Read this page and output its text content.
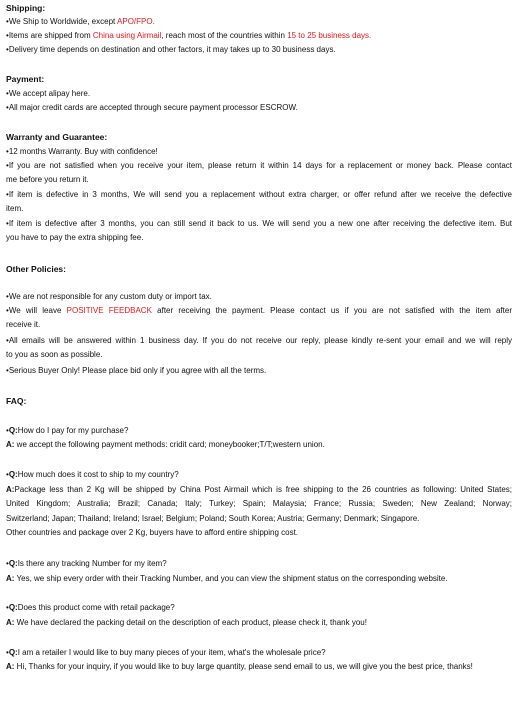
Shipping:
•We Ship to Worldwide, except APO/FPO.
•Items are shipped from China using Airmail, reach most of the countries within 15 to 25 business days.
•Delivery time depends on destination and other factors, it may takes up to 30 business days.
Payment:
•We accept alipay here.
•All major credit cards are accepted through secure payment processor ESCROW.
Warranty and Guarantee:
•12 months Warranty. Buy with confidence!
•If you are not satisfied when you receive your item, please return it within 14 days for a replacement or money back. Please contact
me before you return it.
•If item is defective in 3 months, We will send you a replacement without extra charger, or offer refund after we receive the defective
item.
•If item is defective after 3 months, you can still send it back to us. We will send you a new one after receiving the defective item. But
you have to pay the extra shipping fee.
Other Policies:
•We are not responsible for any custom duty or import tax.
•We will leave POSITIVE FEEDBACK after receiving the payment. Please contact us if you are not satisfied with the item after
receive it.
•All emails will be answered within 1 business day. If you do not receive our reply, please kindly re-sent your email and we will reply
to you as soon as possible.
•Serious Buyer Only! Please place bid only if you agree with all the terms.
FAQ:
•Q:How do I pay for my purchase?
A: we accept the following payment methods: cridit card; moneybooker;T/T;western union.
•Q:How much does it cost to ship to my country?
A:Package less than 2 Kg will be shipped by China Post Airmail which is free shipping to the 26 countries as following: United States;
United Kingdom; Australia; Brazil; Canada; Italy; Turkey; Spain; Malaysia; France; Russia; Sweden; New Zealand; Norway;
Switzerland; Japan; Thailand; Ireland; Israel; Belgium; Poland; South Korea; Austria; Germany; Denmark; Singapore.
Other countries and package over 2 Kg, buyers have to afford entire shipping cost.
•Q:Is there any tracking Number for my item?
A: Yes, we ship every order with their Tracking Number, and you can view the shipment status on the corresponding website.
•Q:Does this product come with retail package?
A: We have declared the packing detail on the description of each product, please check it, thank you!
•Q:I am a retailer I would like to buy many pieces of your item, what's the wholesale price?
A: Hi, Thanks for your inquiry, if you would like to buy large quantity, please send email to us, we will give you the best price, thanks!
